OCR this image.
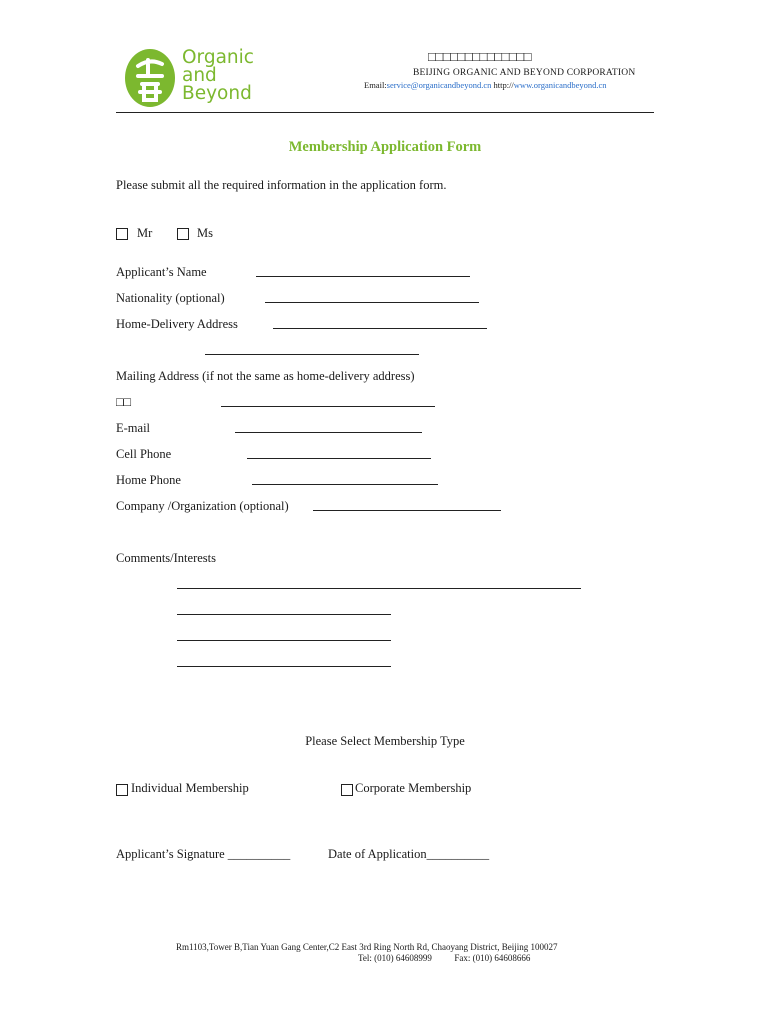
Organic
and
Beyond
□□□□□□□□□□□□□□
BEIJING ORGANIC AND BEYOND CORPORATION
Email:service@organicandbeyond.cn http://www.organicandbeyond.cn
Membership Application Form
Please submit all the required information in the application form.
Mr	Ms
Applicant’s Name
Nationality (optional)
Home-Delivery Address
Mailing Address (if not the same as home-delivery address)
□□
E-mail
Cell Phone
Home Phone
Company /Organization (optional)
Comments/Interests
Please Select Membership Type
Individual Membership	Corporate Membership
Applicant’s Signature __________	Date of Application__________
Rm1103,Tower B,Tian Yuan Gang Center,C2 East 3rd Ring North Rd, Chaoyang District, Beijing 100027
Tel: (010) 64608999	Fax: (010) 64608666
